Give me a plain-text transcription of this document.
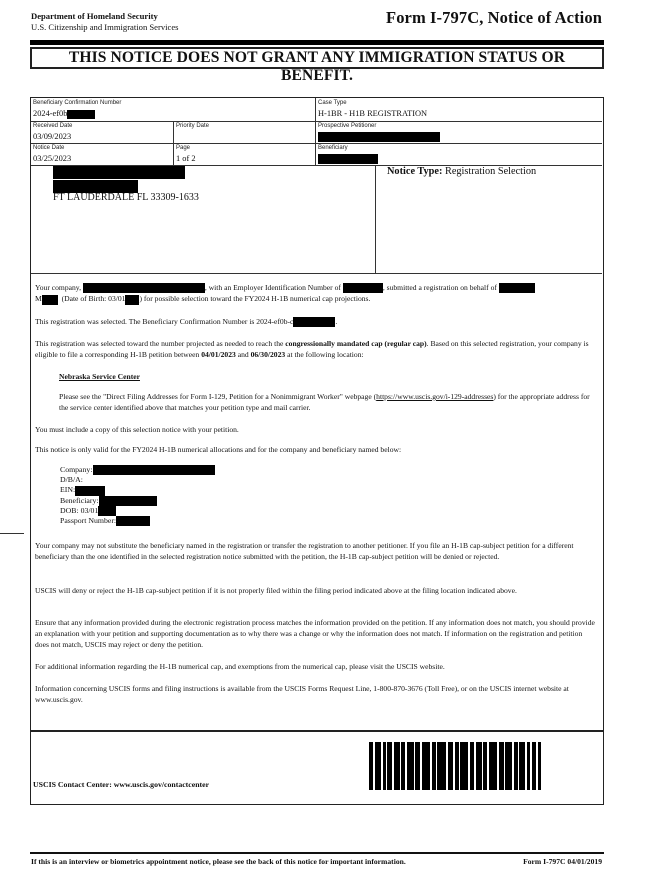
Department of Homeland Security
U.S. Citizenship and Immigration Services	Form I-797C, Notice of Action
THIS NOTICE DOES NOT GRANT ANY IMMIGRATION STATUS OR BENEFIT.
Beneficiary Confirmation Number
2024-ef0b
Case Type
H-1BR - H1B REGISTRATION
Received Date
03/09/2023
Priority Date	Prospective Petitioner
Notice Date
03/25/2023
Page
1 of 2
Beneficiary
FT LAUDERDALE FL 33309-1633
Notice Type: Registration Selection

Your company,	, with an Employer Identification Number of	, submitted a registration on behalf of
M	(Date of Birth: 03/01 ) for possible selection toward the FY2024 H-1B numerical cap projections.

This registration was selected. The Beneficiary Confirmation Number is 2024-ef0b-c	.

This registration was selected toward the number projected as needed to reach the congressionally mandated cap (regular cap). Based on this selected registration, your company is eligible to file a corresponding H-1B petition between 04/01/2023 and 06/30/2023 at the following location:

Nebraska Service Center

Please see the "Direct Filing Addresses for Form I-129, Petition for a Nonimmigrant Worker" webpage (https://www.uscis.gov/i-129-addresses) for the appropriate address for the service center identified above that matches your petition type and mail carrier.

You must include a copy of this selection notice with your petition.

This notice is only valid for the FY2024 H-1B numerical allocations and for the company and beneficiary named below:

Company:
D/B/A:
EIN:
Beneficiary:
DOB: 03/01
Passport Number:

Your company may not substitute the beneficiary named in the registration or transfer the registration to another petitioner. If you file an H-1B cap-subject petition for a different beneficiary than the one identified in the selected registration notice submitted with the petition, the H-1B cap-subject petition will be denied or rejected.

USCIS will deny or reject the H-1B cap-subject petition if it is not properly filed within the filing period indicated above at the filing location indicated above.

Ensure that any information provided during the electronic registration process matches the information provided on the petition. If any information does not match, you should provide an explanation with your petition and supporting documentation as to why there was a change or why the information does not match. If information on the registration and petition does not match, USCIS may reject or deny the petition.

For additional information regarding the H-1B numerical cap, and exemptions from the numerical cap, please visit the USCIS website.

Information concerning USCIS forms and filing instructions is available from the USCIS Forms Request Line, 1-800-870-3676 (Toll Free), or on the USCIS internet website at www.uscis.gov.

USCIS Contact Center: www.uscis.gov/contactcenter
If this is an interview or biometrics appointment notice, please see the back of this notice for important information.	Form I-797C 04/01/2019
